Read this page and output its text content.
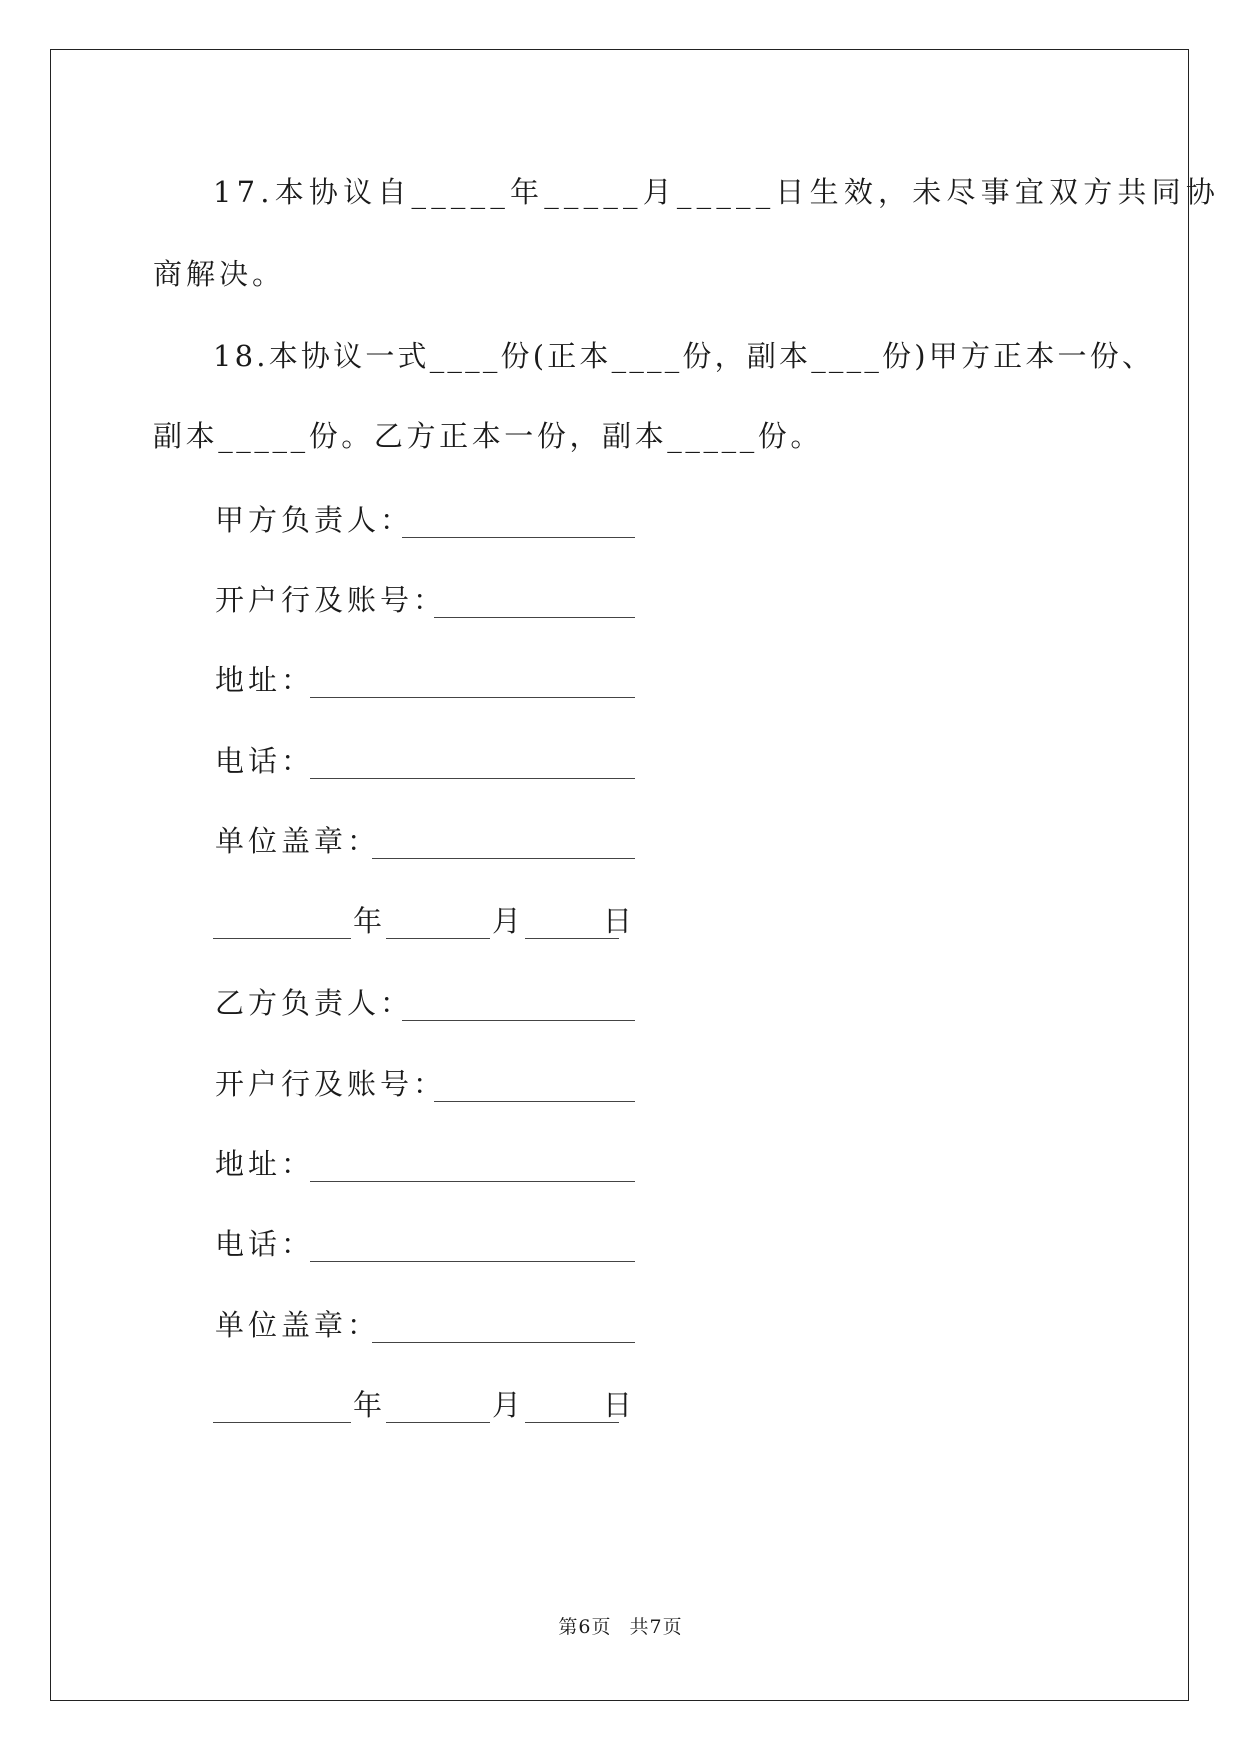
17.本协议自_____年_____月_____日生效，未尽事宜双方共同协
商解决。
18.本协议一式____份(正本____份，副本____份)甲方正本一份、
副本_____份。乙方正本一份，副本_____份。
甲方负责人：
开户行及账号：
地址：
电话：
单位盖章：
年	月	日
乙方负责人：
开户行及账号：
地址：
电话：
单位盖章：
年	月	日
第6页 共7页
